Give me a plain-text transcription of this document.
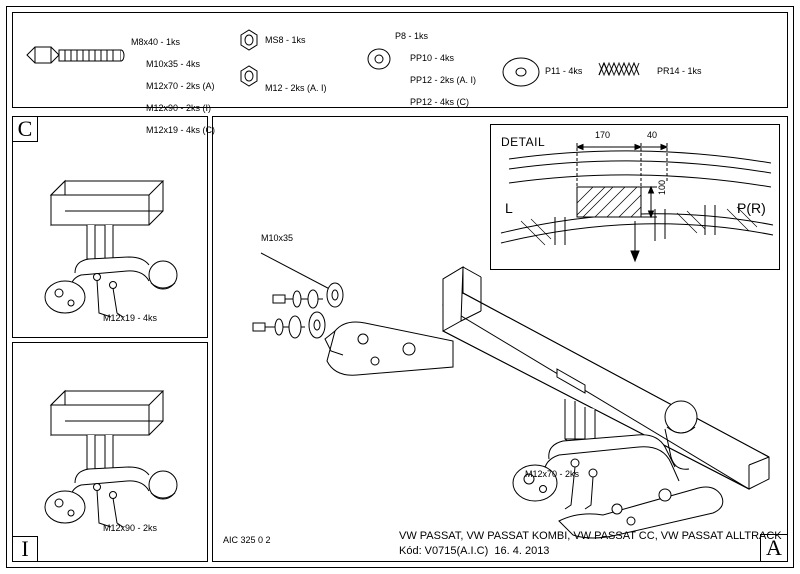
M8x40 - 1ks

M10x35 - 4ks

M12x70 - 2ks (A)

M12x90 - 2ks (I)

M12x19 - 4ks (C)

MS8 - 1ks
M12 - 2ks (A. I)
P8 - 1ks

PP10 - 4ks

PP12 - 2ks (A. I)

PP12 - 4ks (C)

P11 - 4ks	PR14 - 1ks
C
M12x19 - 4ks
I
M12x90 - 2ks
A
M10x35
M12x70 - 2ks
AIC 325 0 2	VW PASSAT, VW PASSAT KOMBI, VW PASSAT CC, VW PASSAT ALLTRACK
Kód: V0715(A.I.C)  16. 4. 2013
DETAIL	170	40
100
L	P(R)
